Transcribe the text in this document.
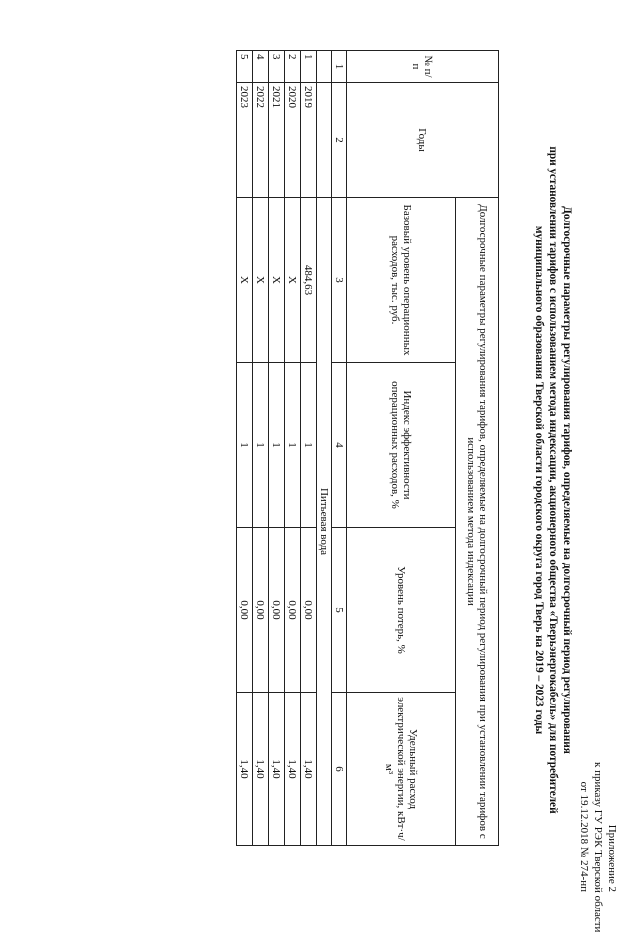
Приложение 2
к приказу ГУ РЭК Тверской области
от 19.12.2018 № 274-нп
Долгосрочные параметры регулирования тарифов, определяемые на долгосрочный период регулирования
при установлении тарифов с использованием метода индексации, акционерного общества «Тверьэнергокабель» для потребителей
муниципального образования Тверской области городского округа город Тверь на 2019 – 2023 годы
№ п/п	Годы	Долгосрочные параметры регулирования тарифов, определяемые на долгосрочный период регулирования при установлении тарифов с использованием метода индексации			
		Базовый уровень операционных расходов, тыс. руб.	Индекс эффективности операционных расходов, %	Уровень потерь, %	Удельный расход электрической энергии, кВт·ч/м³
1	2	3	4	5	6
		Питьевая вода			
1	2019	484,63	1	0,00	1,40
2	2020	X	1	0,00	1,40
3	2021	X	1	0,00	1,40
4	2022	X	1	0,00	1,40
5	2023	X	1	0,00	1,40
